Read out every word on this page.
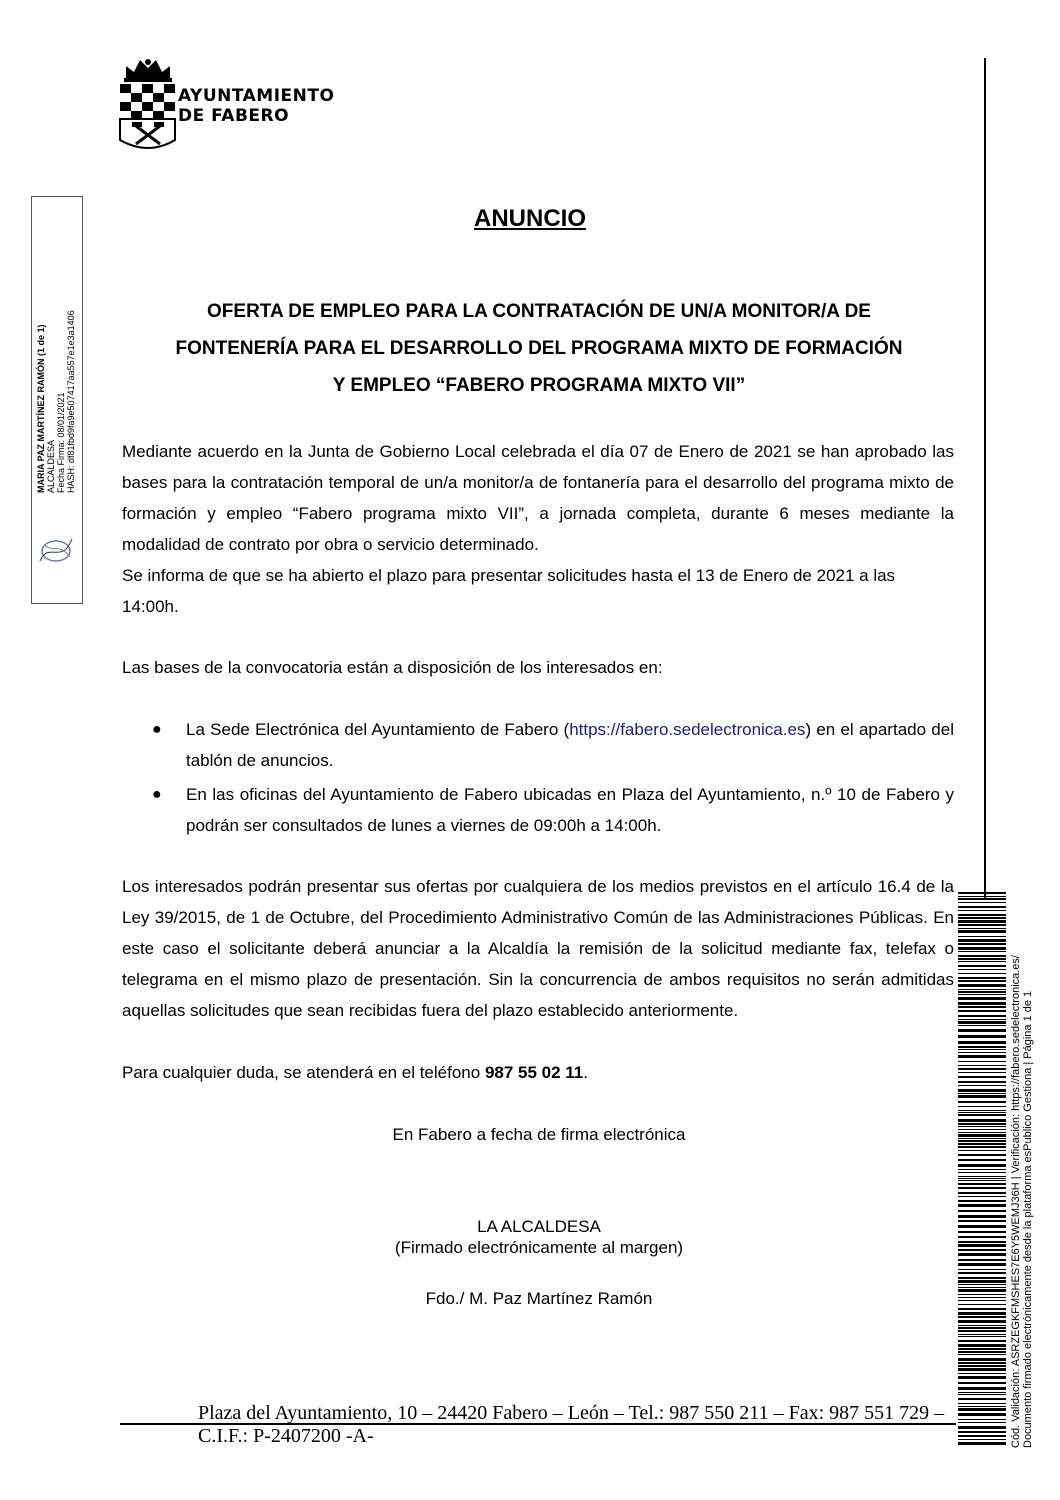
AYUNTAMIENTO
DE FABERO
MARIA PAZ MARTÍNEZ RAMÓN (1 de 1) ALCALDESA Fecha Firma: 08/01/2021 HASH: df81fbd9fa9e507417aa557e1e3a1406
Cód. Validación: ASRZEGKFMSHES7E6Y5WEMJ36H | Verificación: https://fabero.sedelectronica.es/ Documento firmado electrónicamente desde la plataforma esPublico Gestiona | Página 1 de 1
ANUNCIO
OFERTA DE EMPLEO PARA LA CONTRATACIÓN DE UN/A MONITOR/A DE
FONTENERÍA PARA EL DESARROLLO DEL PROGRAMA MIXTO DE FORMACIÓN
Y EMPLEO “FABERO PROGRAMA MIXTO VII”

Mediante acuerdo en la Junta de Gobierno Local celebrada el día 07 de Enero de 2021 se han aprobado las bases para la contratación temporal de un/a monitor/a de fontanería para el desarrollo del programa mixto de formación y empleo “Fabero programa mixto VII”, a jornada completa, durante 6 meses mediante la modalidad de contrato por obra o servicio determinado.

Se informa de que se ha abierto el plazo para presentar solicitudes hasta el 13 de Enero de 2021 a las 14:00h.

Las bases de la convocatoria están a disposición de los interesados en:
● La Sede Electrónica del Ayuntamiento de Fabero (https://fabero.sedelectronica.es) en el apartado del tablón de anuncios.
● En las oficinas del Ayuntamiento de Fabero ubicadas en Plaza del Ayuntamiento, n.º 10 de Fabero y podrán ser consultados de lunes a viernes de 09:00h a 14:00h.
Los interesados podrán presentar sus ofertas por cualquiera de los medios previstos en el artículo 16.4 de la Ley 39/2015, de 1 de Octubre, del Procedimiento Administrativo Común de las Administraciones Públicas. En este caso el solicitante deberá anunciar a la Alcaldía la remisión de la solicitud mediante fax, telefax o telegrama en el mismo plazo de presentación. Sin la concurrencia de ambos requisitos no serán admitidas aquellas solicitudes que sean recibidas fuera del plazo establecido anteriormente.
Para cualquier duda, se atenderá en el teléfono 987 55 02 11.
En Fabero a fecha de firma electrónica
LA ALCALDESA
(Firmado electrónicamente al margen)
Fdo./ M. Paz Martínez Ramón
Plaza del Ayuntamiento, 10 – 24420 Fabero – León – Tel.: 987 550 211 – Fax: 987 551 729 – C.I.F.: P-2407200 -A-
